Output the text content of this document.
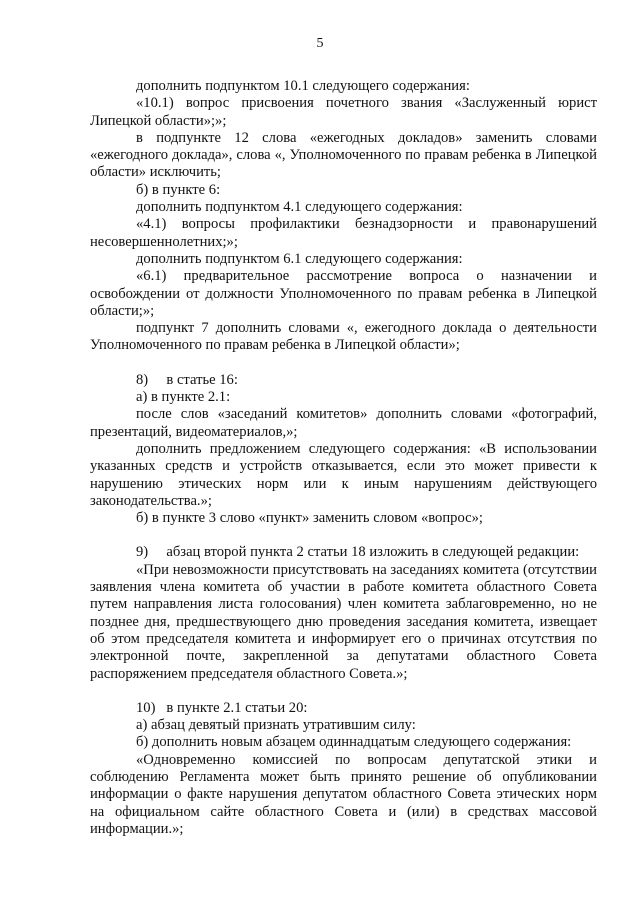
5

дополнить подпунктом 10.1 следующего содержания:

«10.1) вопрос присвоения почетного звания «Заслуженный юрист Липецкой области»;»;

в подпункте 12 слова «ежегодных докладов» заменить словами «ежегодного доклада», слова «, Уполномоченного по правам ребенка в Липецкой области» исключить;

б) в пункте 6:

дополнить подпунктом 4.1 следующего содержания:

«4.1) вопросы профилактики безнадзорности и правонарушений несовершеннолетних;»;

дополнить подпунктом 6.1 следующего содержания:

«6.1) предварительное рассмотрение вопроса о назначении и освобождении от должности Уполномоченного по правам ребенка в Липецкой области;»;

подпункт 7 дополнить словами «, ежегодного доклада о деятельности Уполномоченного по правам ребенка в Липецкой области»;

8)     в статье 16:

а) в пункте 2.1:

после слов «заседаний комитетов» дополнить словами «фотографий, презентаций, видеоматериалов,»;

дополнить предложением следующего содержания: «В использовании указанных средств и устройств отказывается, если это может привести к нарушению этических норм или к иным нарушениям действующего законодательства.»;

б) в пункте 3 слово «пункт» заменить словом «вопрос»;

9)     абзац второй пункта 2 статьи 18 изложить в следующей редакции:

«При невозможности присутствовать на заседаниях комитета (отсутствии заявления члена комитета об участии в работе комитета областного Совета путем направления листа голосования) член комитета заблаговременно, но не позднее дня, предшествующего дню проведения заседания комитета, извещает об этом председателя комитета и информирует его о причинах отсутствия по электронной почте, закрепленной за депутатами областного Совета распоряжением председателя областного Совета.»;

10)   в пункте 2.1 статьи 20:

а) абзац девятый признать утратившим силу:

б) дополнить новым абзацем одиннадцатым следующего содержания:

«Одновременно комиссией по вопросам депутатской этики и соблюдению Регламента может быть принято решение об опубликовании информации о факте нарушения депутатом областного Совета этических норм на официальном сайте областного Совета и (или) в средствах массовой информации.»;
